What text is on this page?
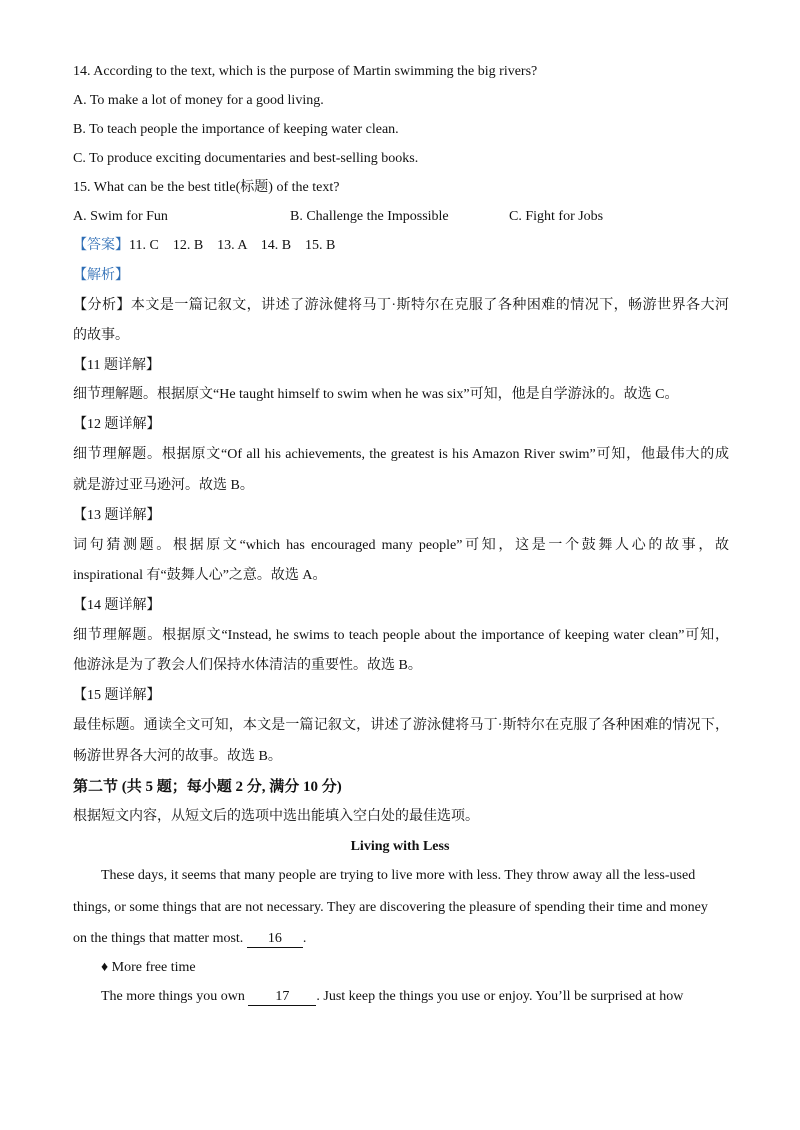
14. According to the text, which is the purpose of Martin swimming the big rivers?
A. To make a lot of money for a good living.
B. To teach people the importance of keeping water clean.
C. To produce exciting documentaries and best-selling books.
15. What can be the best title(标题) of the text?
A. Swim for Fun	B. Challenge the Impossible	C. Fight for Jobs
【答案】11. C    12. B    13. A    14. B    15. B
【解析】
【分析】本文是一篇记叙文，讲述了游泳健将马丁·斯特尔在克服了各种困难的情况下，畅游世界各大河
的故事。
【11 题详解】
细节理解题。根据原文“He taught himself to swim when he was six”可知，他是自学游泳的。故选 C。
【12 题详解】
细节理解题。根据原文“Of all his achievements, the greatest is his Amazon River swim”可知，他最伟大的成
就是游过亚马逊河。故选 B。
【13 题详解】
词句猜测题。根据原文“which has encouraged many people”可知，这是一个鼓舞人心的故事，故
inspirational 有“鼓舞人心”之意。故选 A。
【14 题详解】
细节理解题。根据原文“Instead, he swims to teach people about the importance of keeping water clean”可知，
他游泳是为了教会人们保持水体清洁的重要性。故选 B。
【15 题详解】
最佳标题。通读全文可知，本文是一篇记叙文，讲述了游泳健将马丁·斯特尔在克服了各种困难的情况下，
畅游世界各大河的故事。故选 B。
第二节 (共 5 题；每小题 2 分, 满分 10 分)
根据短文内容，从短文后的选项中选出能填入空白处的最佳选项。
Living with Less
These days, it seems that many people are trying to live more with less. They throw away all the less-used
things, or some things that are not necessary. They are discovering the pleasure of spending their time and money
on the things that matter most. 16 .
♦ More free time
The more things you own 17 . Just keep the things you use or enjoy. You’ll be surprised at how
